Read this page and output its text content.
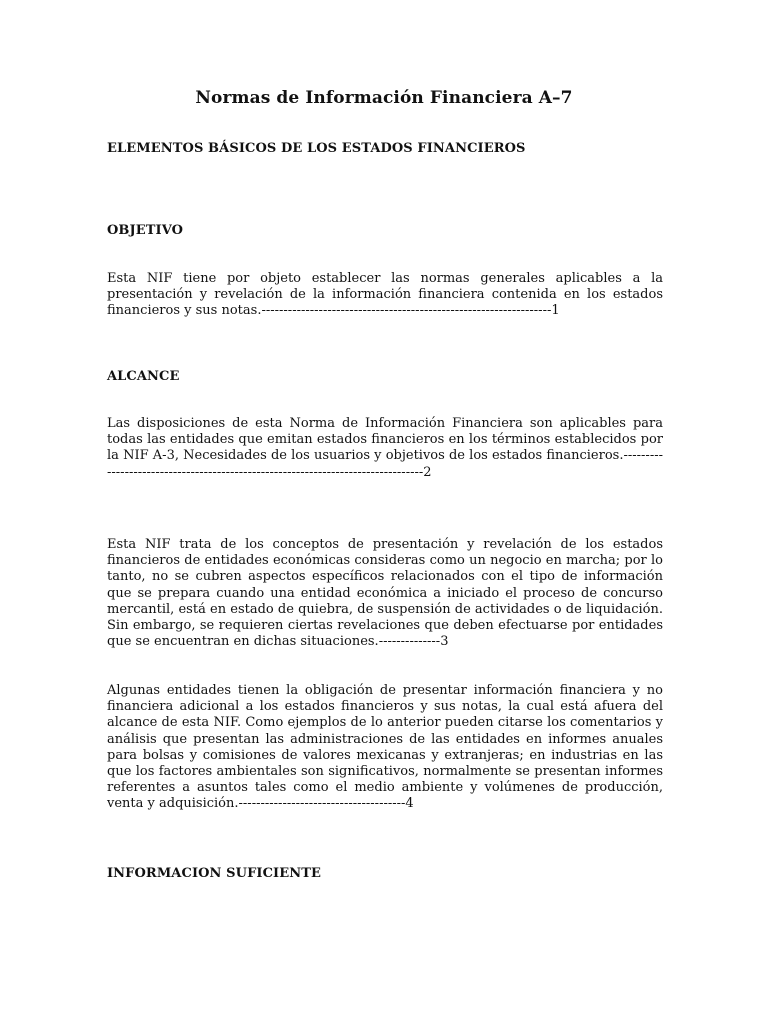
Normas de Información Financiera A–7
ELEMENTOS BÁSICOS DE LOS ESTADOS FINANCIEROS
OBJETIVO
Esta NIF tiene por objeto establecer las normas generales aplicables a la presentación y revelación de la información financiera contenida en los estados financieros y sus notas.------------------------------------------------------------------1
ALCANCE
Las disposiciones de esta Norma de Información Financiera son aplicables para todas las entidades que emitan estados financieros en los términos establecidos por la NIF A-3, Necesidades de los usuarios y objetivos de los estados financieros.---------------------------------------------------------------------------------2
Esta NIF trata de los conceptos de presentación y revelación de los estados financieros de entidades económicas consideras como un negocio en marcha; por lo tanto, no se cubren aspectos específicos relacionados con el tipo de información que se prepara cuando una entidad económica a iniciado el proceso de concurso mercantil, está en estado de quiebra, de suspensión de actividades o de liquidación. Sin embargo, se requieren ciertas revelaciones que deben efectuarse por entidades que se encuentran en dichas situaciones.--------------3
Algunas entidades tienen la obligación de presentar información financiera y no financiera adicional a los estados financieros y sus notas, la cual está afuera del alcance de esta NIF. Como ejemplos de lo anterior pueden citarse los comentarios y análisis que presentan las administraciones de las entidades en informes anuales para bolsas y comisiones de valores mexicanas y extranjeras; en industrias en las que los factores ambientales son significativos, normalmente se presentan informes referentes a asuntos tales como el medio ambiente y volúmenes de producción, venta y adquisición.--------------------------------------4
INFORMACION SUFICIENTE
